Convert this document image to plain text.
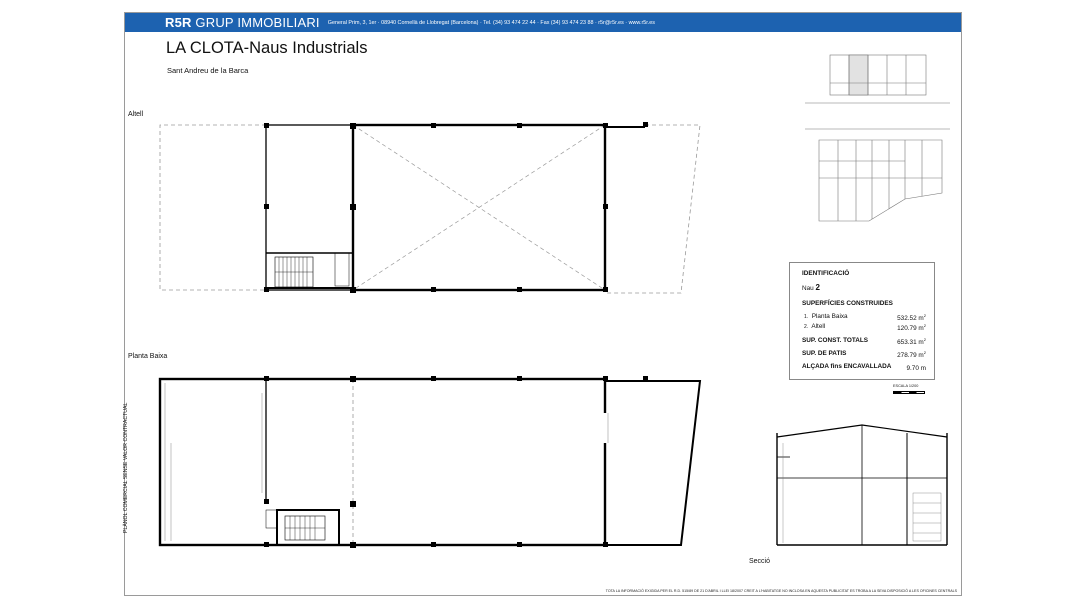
R5R GRUP IMMOBILIARI General Prim, 3, 1er · 08940 Cornellà de Llobregat (Barcelona) · Tel. (34) 93 474 22 44 · Fax (34) 93 474 23 88 · r5r@r5r.es · www.r5r.es
LA CLOTA-Naus Industrials
Sant Andreu de la Barca
Altell
Planta Baixa
Secció
PLÀNOL COMERCIAL SENSE VALOR CONTRACTUAL
TOTA LA INFORMACIÓ EXIGIDA PER EL R.D. 515/89 DE 21 D'ABRIL I LLEI 18/2007 CREIT A L'HABITATGE NO INCLOSA EN AQUESTA PUBLICITAT ES TROBA A LA SEVA DISPOSICIÓ A LES OFICINES CENTRALS
IDENTIFICACIÓ
Nau 2
SUPERFÍCIES CONSTRUIDES
1. Planta Baixa	532.52 $m^2$
2. Altell	120.79 $m^2$
SUP. CONST. TOTALS	653.31 $m^2$
SUP. DE PATIS	278.79 $m^2$
ALÇADA fins ENCAVALLADA 9.70 m
ESCALA 1/200
